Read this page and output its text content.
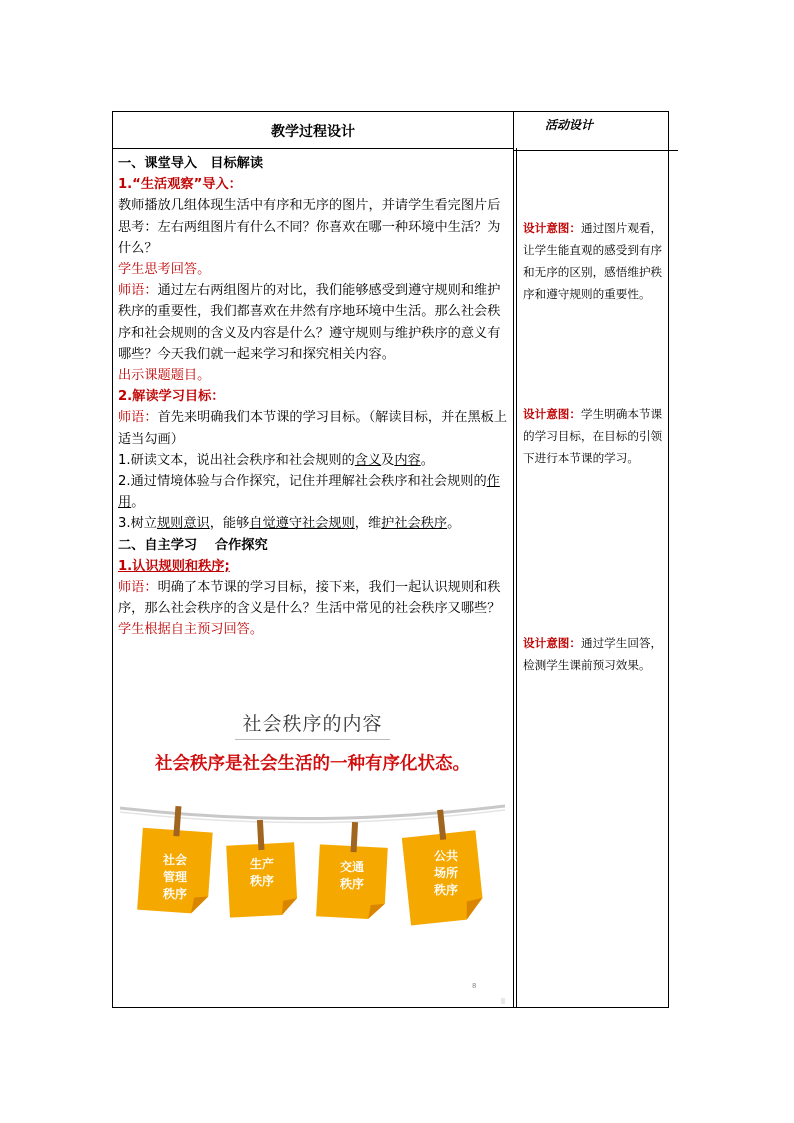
教学过程设计	活动设计

一、课堂导入　目标解读

1.“生活观察”导入：

教师播放几组体现生活中有序和无序的图片，并请学生看完图片后思考：左右两组图片有什么不同？你喜欢在哪一种环境中生活？为什么？

学生思考回答。

师语：通过左右两组图片的对比，我们能够感受到遵守规则和维护秩序的重要性，我们都喜欢在井然有序地环境中生活。那么社会秩序和社会规则的含义及内容是什么？遵守规则与维护秩序的意义有哪些？今天我们就一起来学习和探究相关内容。

出示课题题目。

2.解读学习目标：

师语：首先来明确我们本节课的学习目标。（解读目标，并在黑板上适当勾画）

1.研读文本，说出社会秩序和社会规则的含义及内容。

2.通过情境体验与合作探究，记住并理解社会秩序和社会规则的作用。

3.树立规则意识，能够自觉遵守社会规则，维护社会秩序。

二、自主学习　 合作探究

1.认识规则和秩序;

师语：明确了本节课的学习目标，接下来，我们一起认识规则和秩序，那么社会秩序的含义是什么？生活中常见的社会秩序又哪些？

学生根据自主预习回答。

设计意图：通过图片观看，让学生能直观的感受到有序和无序的区别，感悟维护秩序和遵守规则的重要性。
设计意图：学生明确本节课的学习目标，在目标的引领下进行本节课的学习。
设计意图：通过学生回答，检测学生课前预习效果。
社会秩序的内容
社会秩序是社会生活的一种有序化状态。
社会
管理
秩序
生产
秩序
交通
秩序
公共
场所
秩序
8
